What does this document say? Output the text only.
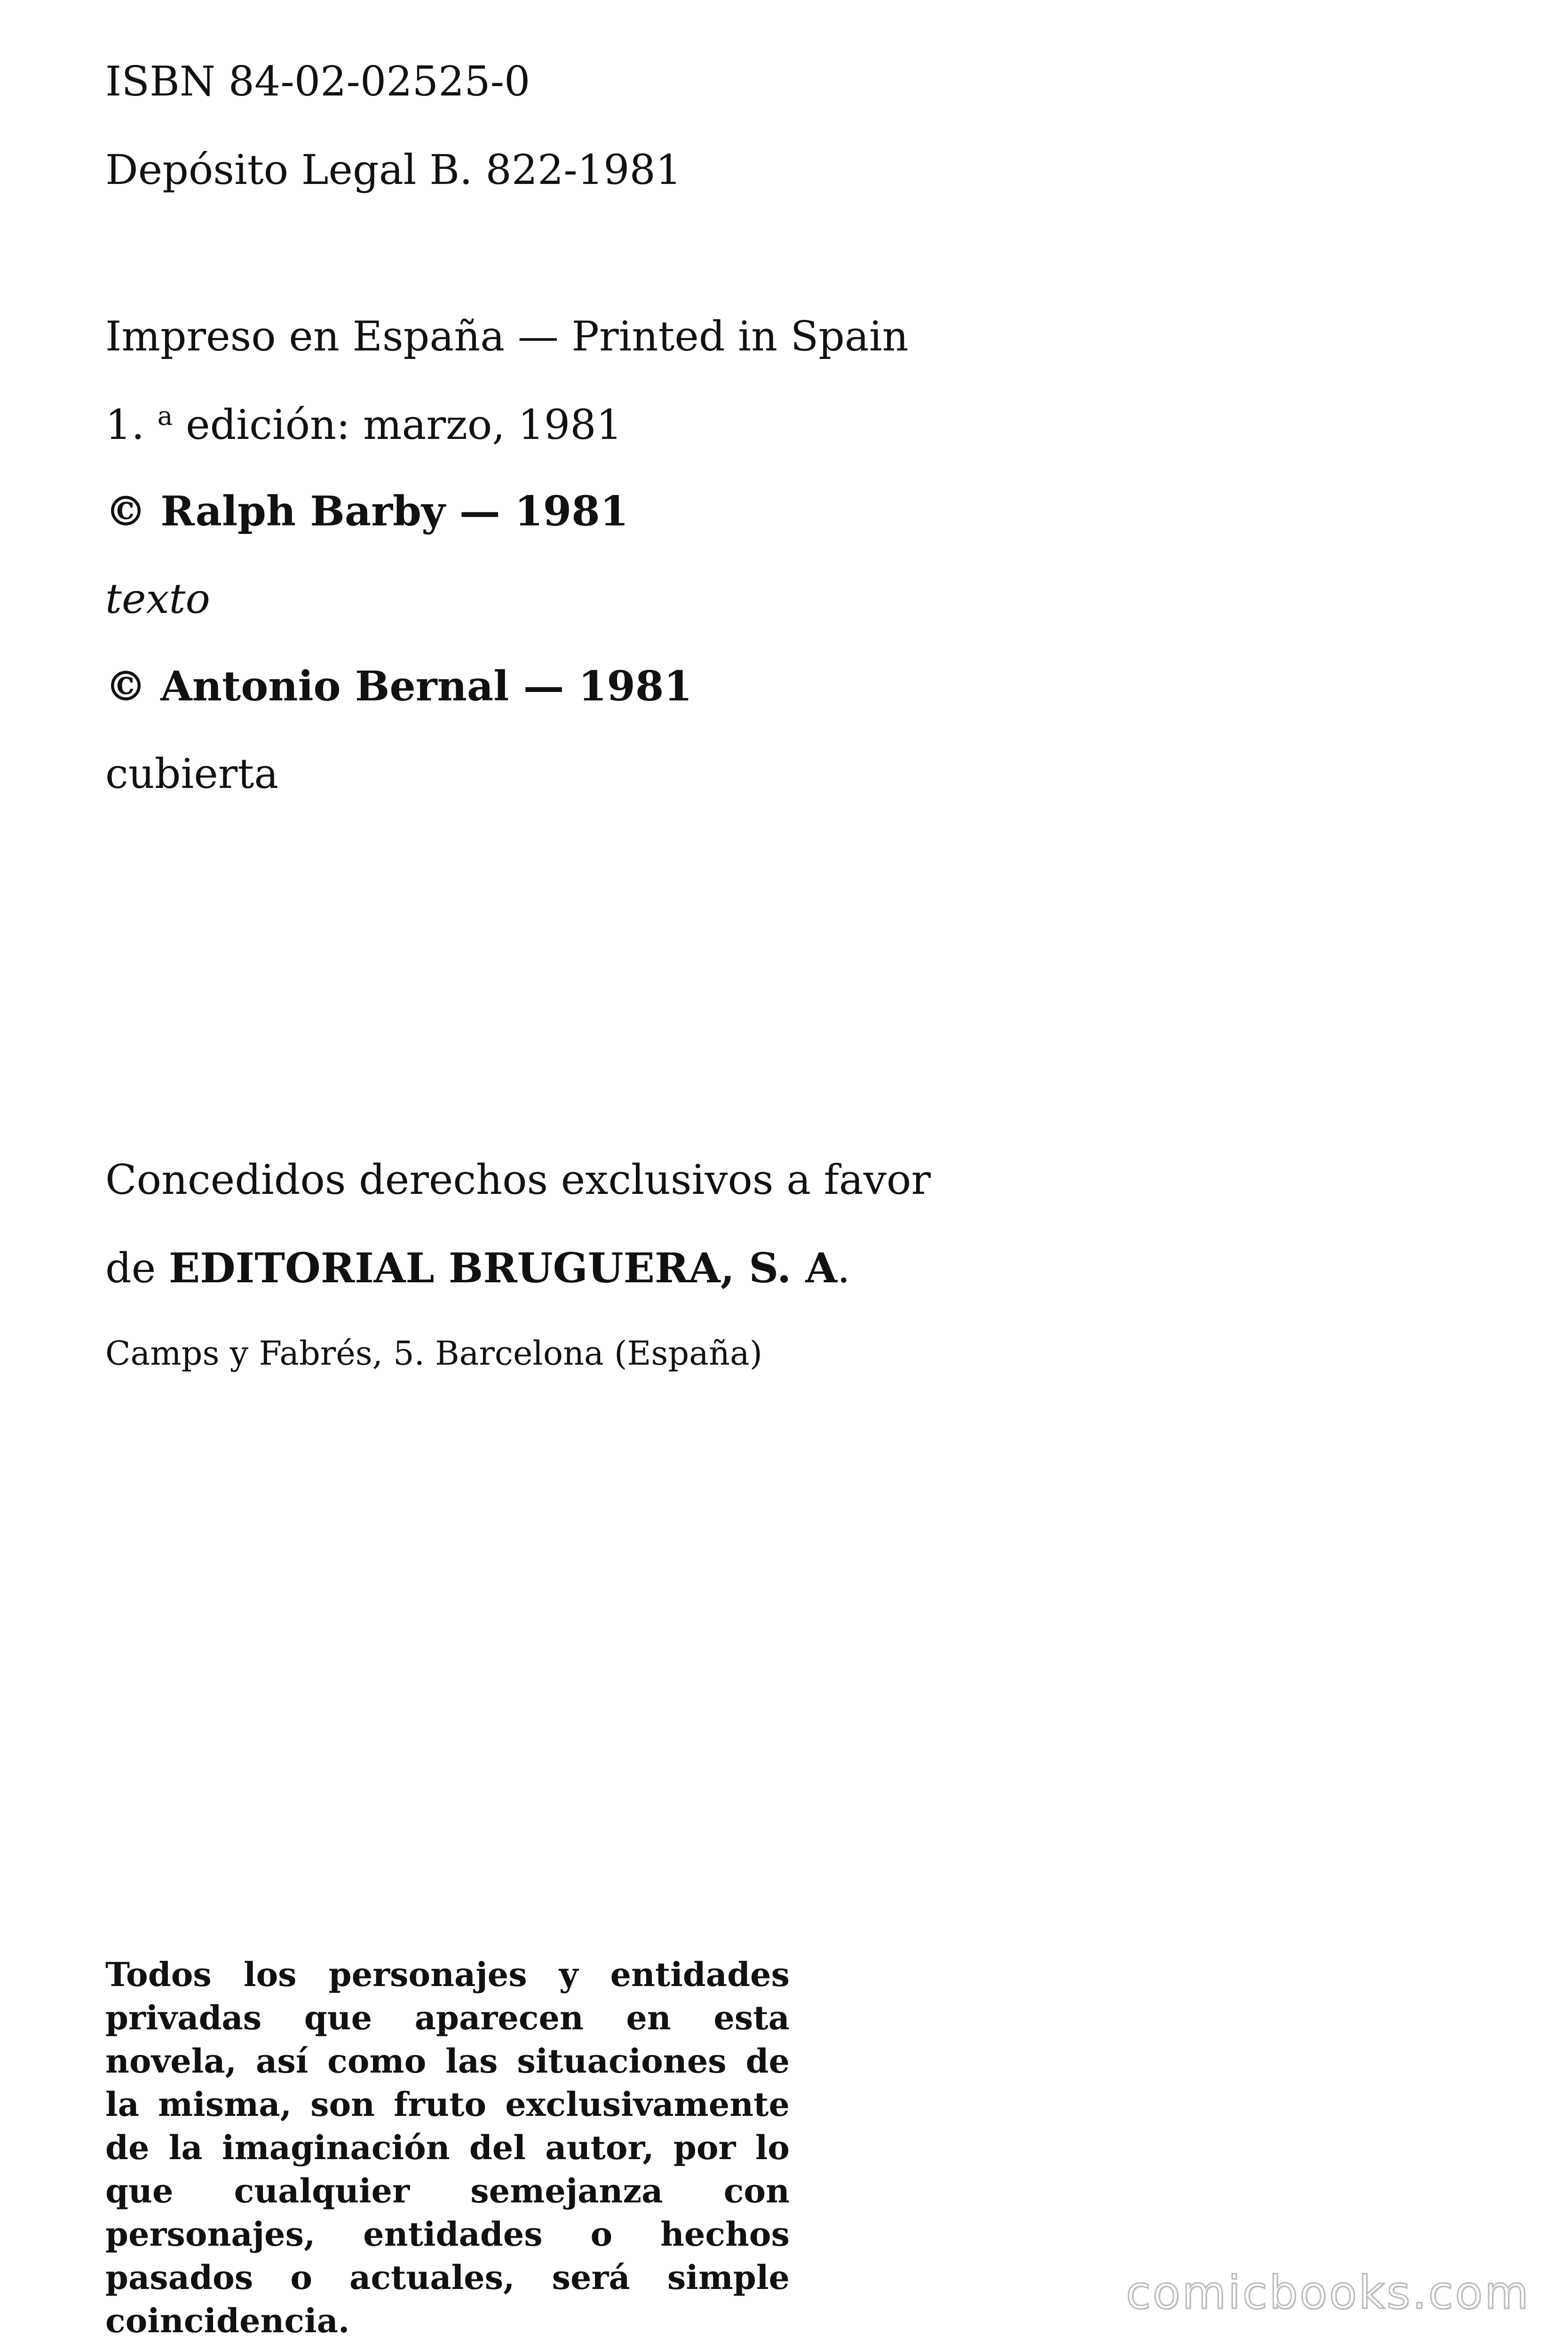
ISBN 84-02-02525-0

Depósito Legal B. 822-1981

Impreso en España — Printed in Spain

1. $^a$ edición: marzo, 1981

© Ralph Barby — 1981

texto

© Antonio Bernal — 1981

cubierta

Concedidos derechos exclusivos a favor

de EDITORIAL BRUGUERA, S. A.

Camps y Fabrés, 5. Barcelona (España)

Todos los personajes y entidades privadas que aparecen en esta novela, así como las situaciones de la misma, son fruto exclusivamente de la imaginación del autor, por lo que cualquier semejanza con personajes, entidades o hechos pasados o actuales, será simple coincidencia.

comicbooks.com
